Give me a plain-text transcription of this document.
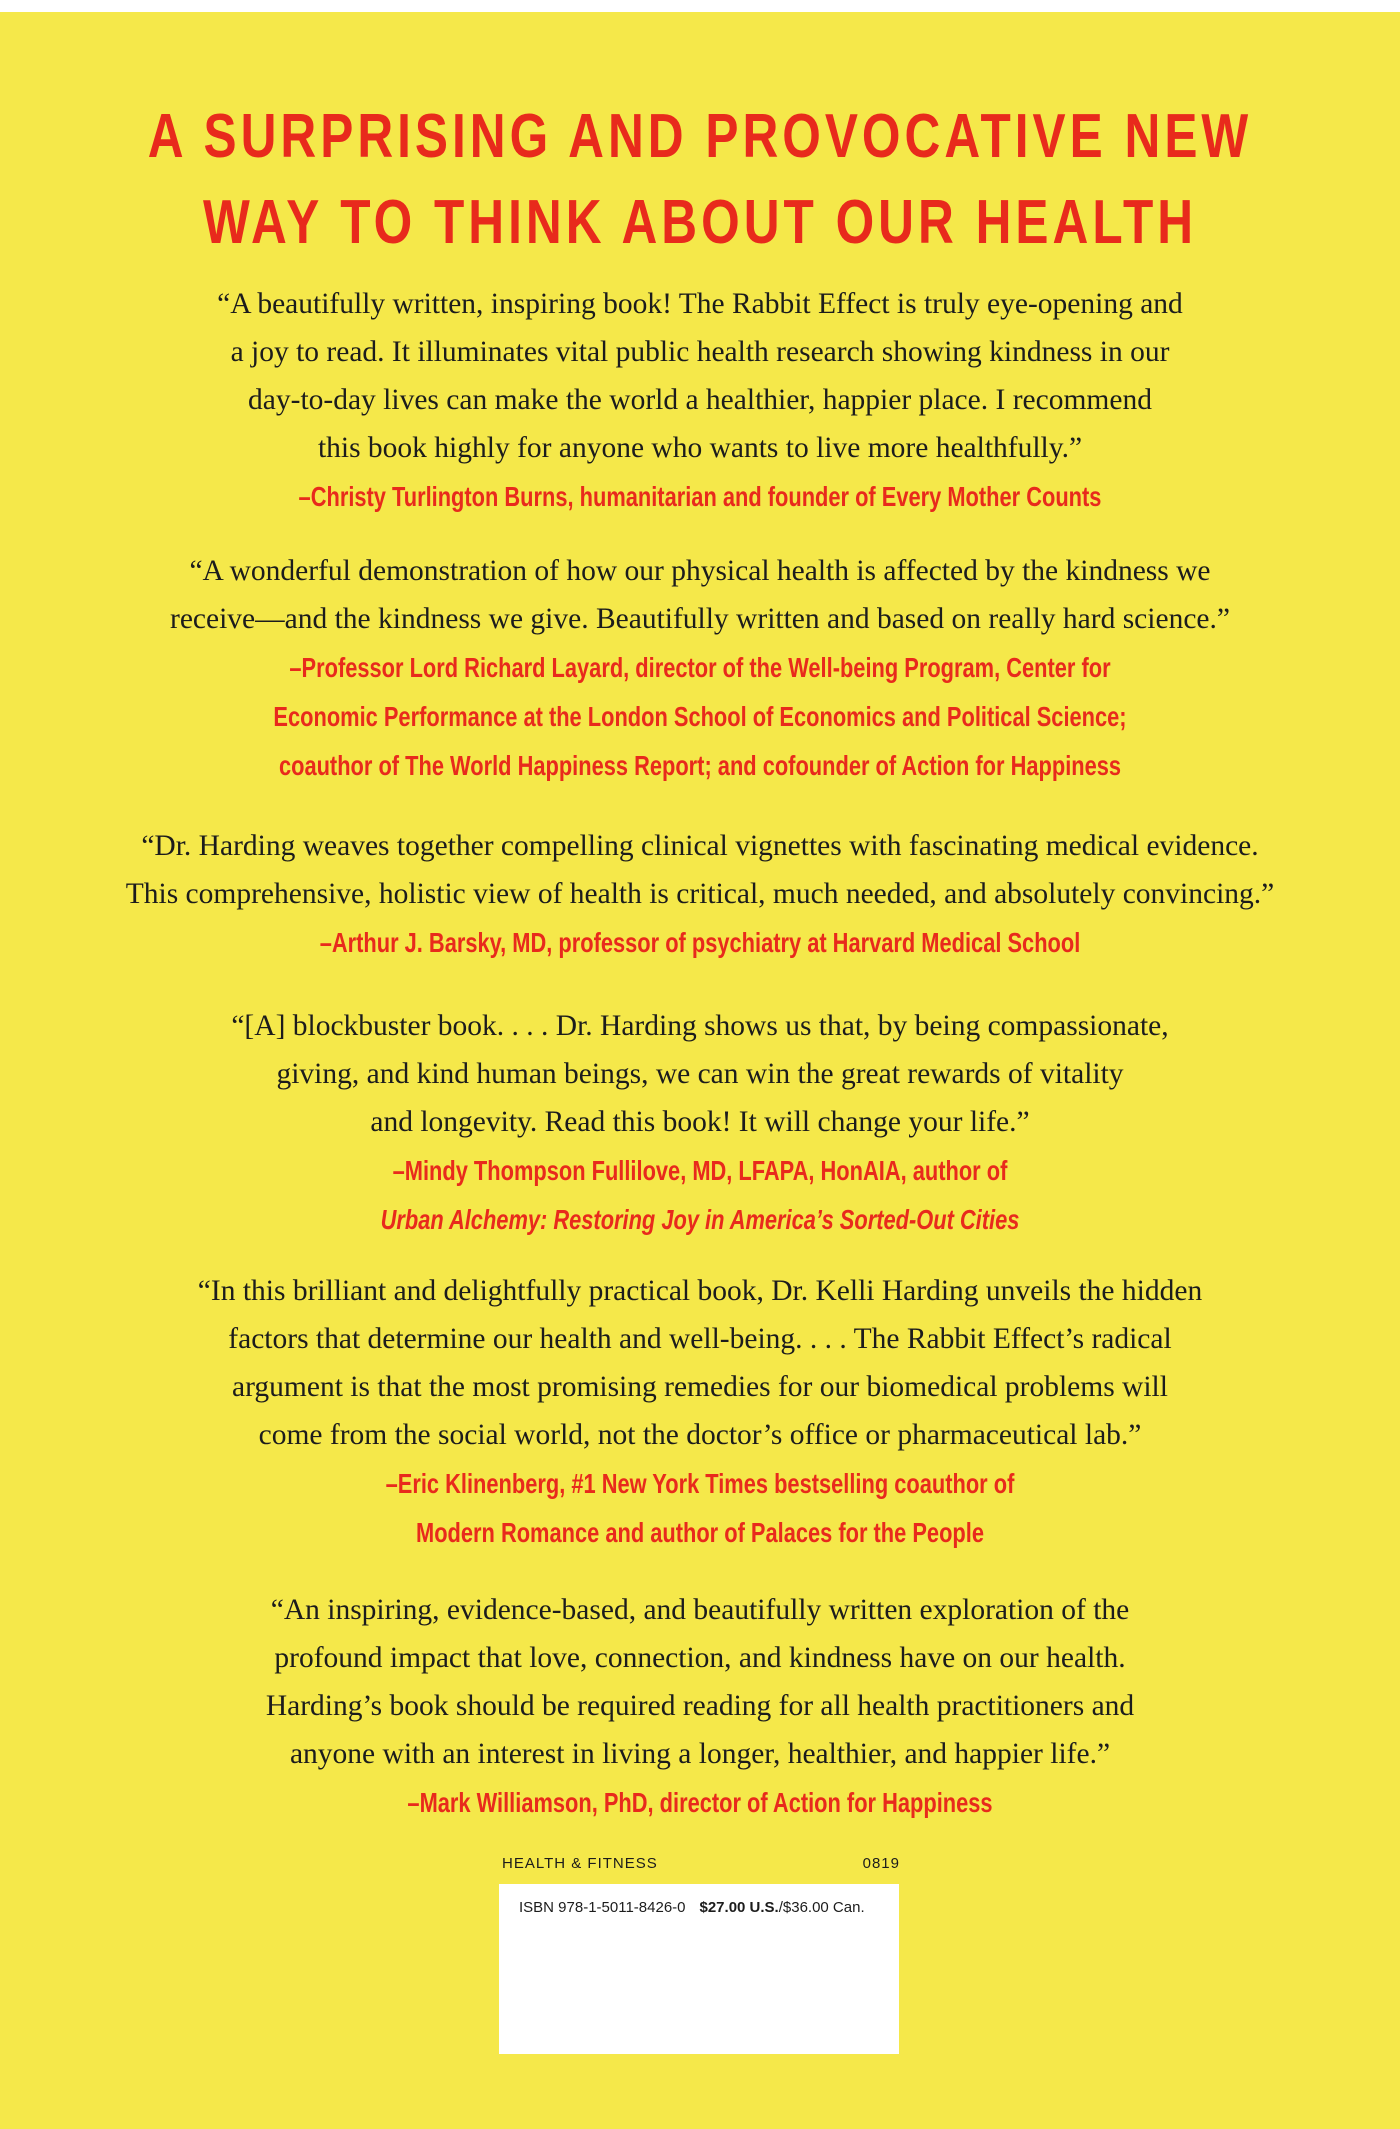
A SURPRISING AND PROVOCATIVE NEW
WAY TO THINK ABOUT OUR HEALTH
“A beautifully written, inspiring book! The Rabbit Effect is truly eye-opening and
a joy to read. It illuminates vital public health research showing kindness in our
day-to-day lives can make the world a healthier, happier place. I recommend
this book highly for anyone who wants to live more healthfully.”
–Christy Turlington Burns, humanitarian and founder of Every Mother Counts
“A wonderful demonstration of how our physical health is affected by the kindness we
receive—and the kindness we give. Beautifully written and based on really hard science.”
–Professor Lord Richard Layard, director of the Well-being Program, Center for
Economic Performance at the London School of Economics and Political Science;
coauthor of The World Happiness Report; and cofounder of Action for Happiness
“Dr. Harding weaves together compelling clinical vignettes with fascinating medical evidence.
This comprehensive, holistic view of health is critical, much needed, and absolutely convincing.”
–Arthur J. Barsky, MD, professor of psychiatry at Harvard Medical School
“[A] blockbuster book. . . . Dr. Harding shows us that, by being compassionate,
giving, and kind human beings, we can win the great rewards of vitality
and longevity. Read this book! It will change your life.”
–Mindy Thompson Fullilove, MD, LFAPA, HonAIA, author of
Urban Alchemy: Restoring Joy in America’s Sorted-Out Cities
“In this brilliant and delightfully practical book, Dr. Kelli Harding unveils the hidden
factors that determine our health and well-being. . . . The Rabbit Effect’s radical
argument is that the most promising remedies for our biomedical problems will
come from the social world, not the doctor’s office or pharmaceutical lab.”
–Eric Klinenberg, #1 New York Times bestselling coauthor of
Modern Romance and author of Palaces for the People
“An inspiring, evidence-based, and beautifully written exploration of the
profound impact that love, connection, and kindness have on our health.
Harding’s book should be required reading for all health practitioners and
anyone with an interest in living a longer, healthier, and happier life.”
–Mark Williamson, PhD, director of Action for Happiness
HEALTH & FITNESS	0819
ISBN 978-1-5011-8426-0 $27.00 U.S./$36.00 Can.
